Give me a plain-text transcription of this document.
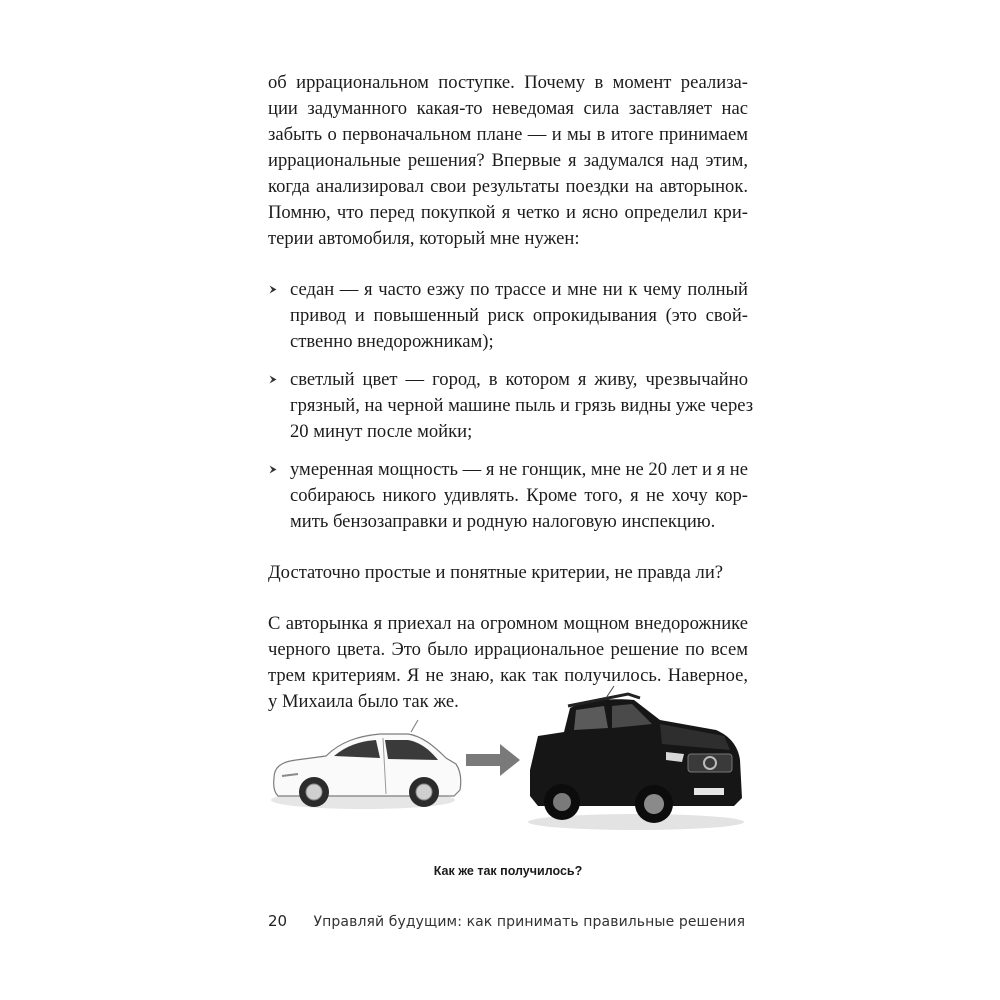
об иррациональном поступке. Почему в момент реализа-
ции задуманного какая-то неведомая сила заставляет нас
забыть о первоначальном плане — и мы в итоге принимаем
иррациональные решения? Впервые я задумался над этим,
когда анализировал свои результаты поездки на авторынок.
Помню, что перед покупкой я четко и ясно определил кри-
терии автомобиля, который мне нужен:

седан — я часто езжу по трассе и мне ни к чему полный
привод и повышенный риск опрокидывания (это свой-
ственно внедорожникам);
светлый цвет — город, в котором я живу, чрезвычайно
грязный, на черной машине пыль и грязь видны уже через
20 минут после мойки;
умеренная мощность — я не гонщик, мне не 20 лет и я не
собираюсь никого удивлять. Кроме того, я не хочу кор-
мить бензозаправки и родную налоговую инспекцию.

Достаточно простые и понятные критерии, не правда ли?

С авторынка я приехал на огромном мощном внедорожнике
черного цвета. Это было иррациональное решение по всем
трем критериям. Я не знаю, как так получилось. Наверное,
у Михаила было так же.

Как же так получилось?
20 Управляй будущим: как принимать правильные решения
